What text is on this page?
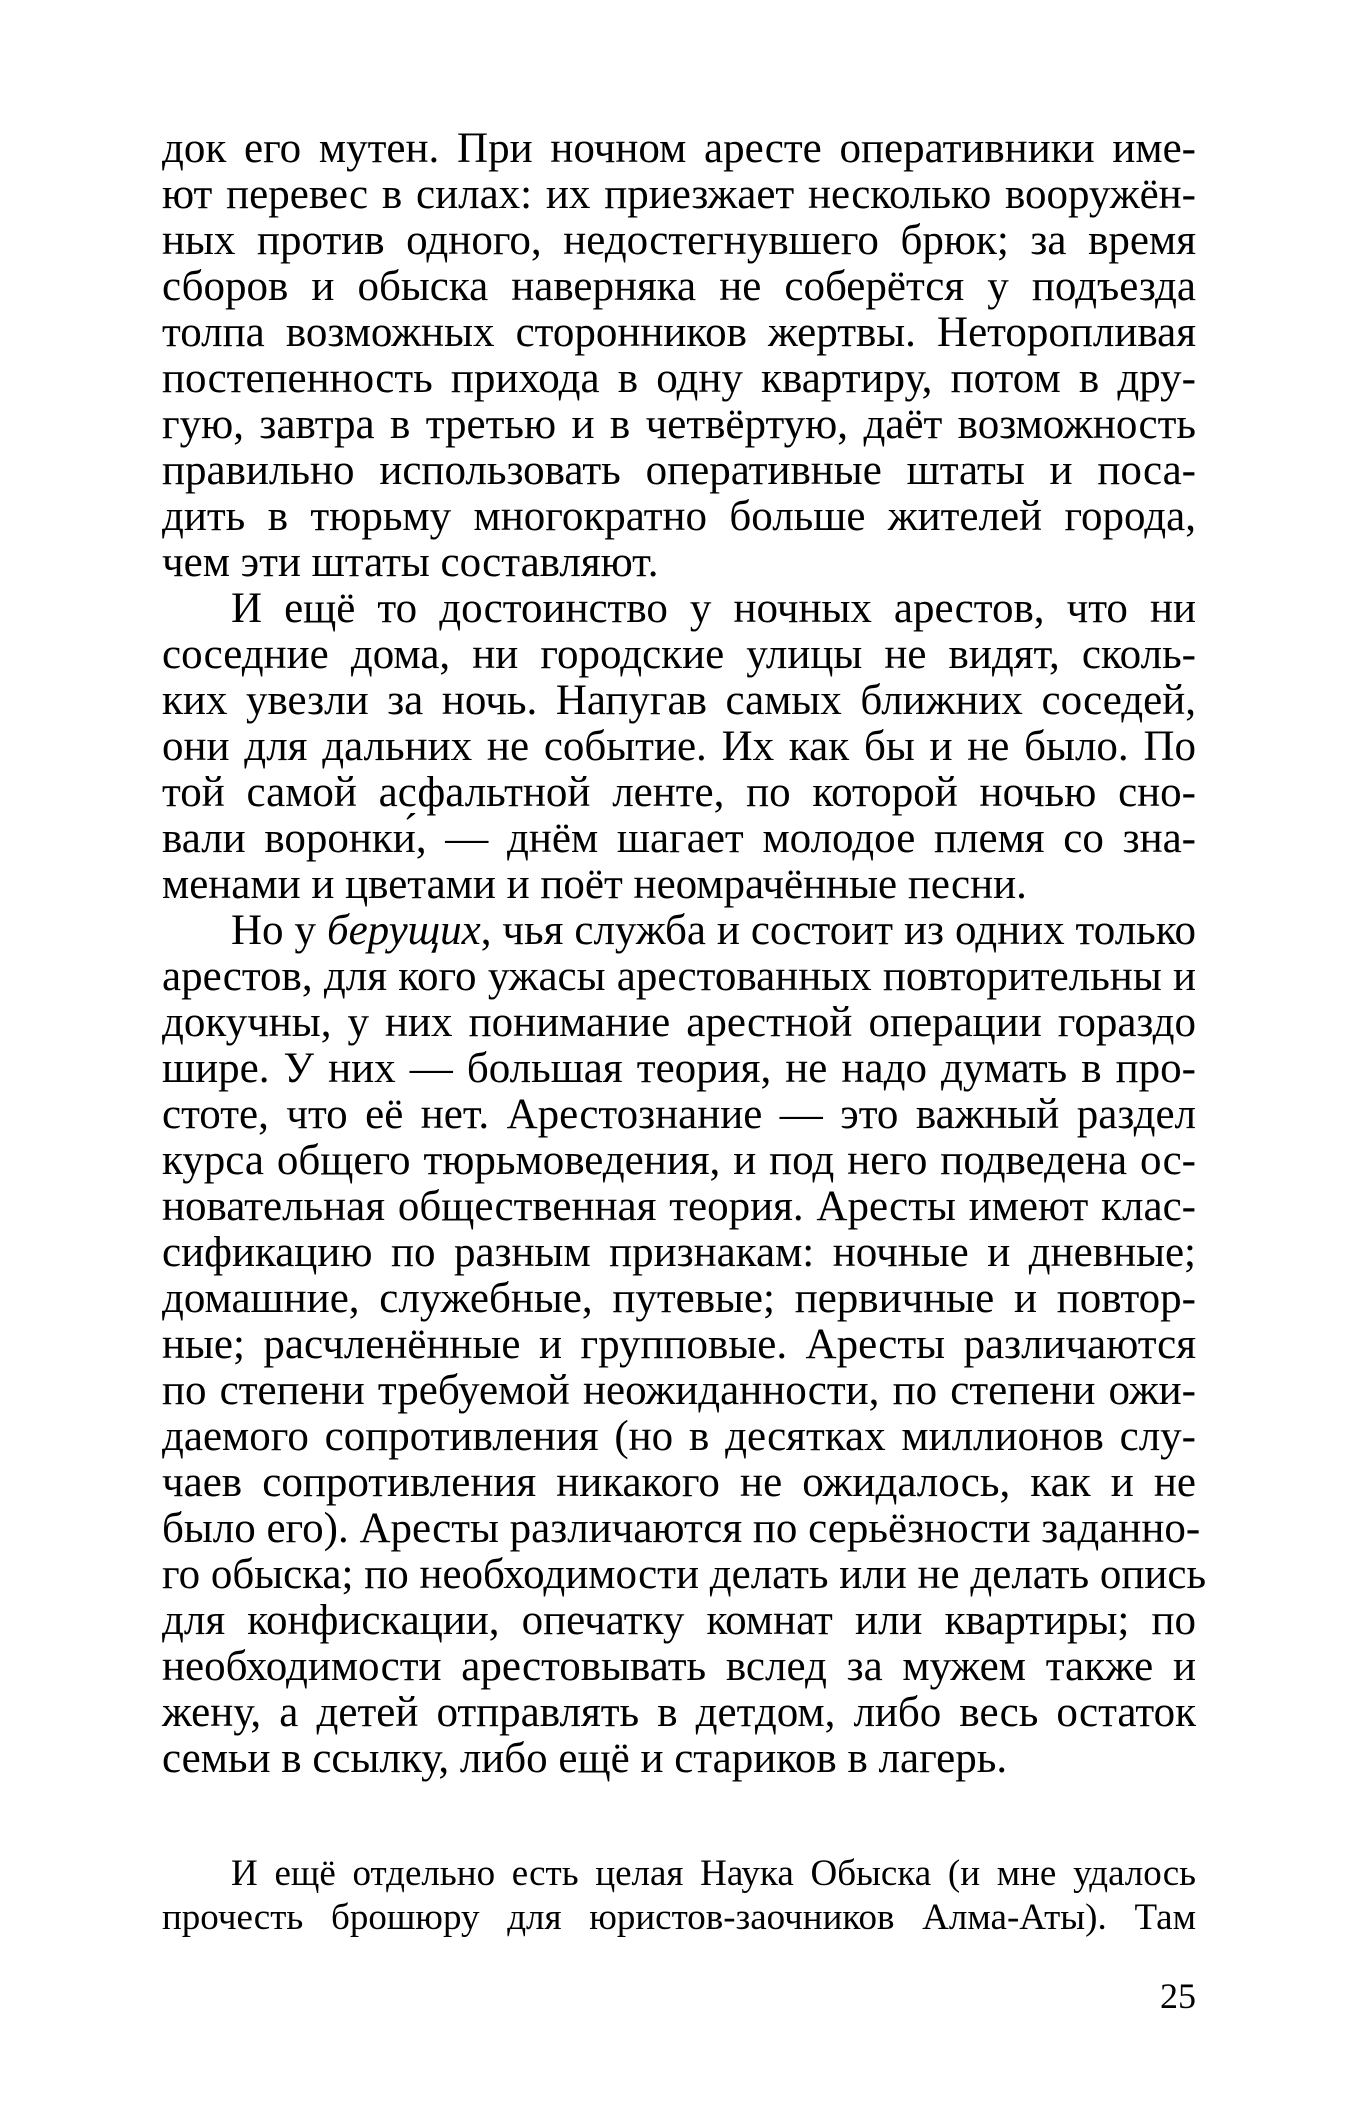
док его мутен. При ночном аресте оперативники име-
ют перевес в силах: их приезжает несколько вооружён-
ных против одного, недостегнувшего брюк; за время
сборов и обыска наверняка не соберётся у подъезда
толпа возможных сторонников жертвы. Неторопливая
постепенность прихода в одну квартиру, потом в дру-
гую, завтра в третью и в четвёртую, даёт возможность
правильно использовать оперативные штаты и поса-
дить в тюрьму многократно больше жителей города,
чем эти штаты составляют.
И ещё то достоинство у ночных арестов, что ни
соседние дома, ни городские улицы не видят, сколь-
ких увезли за ночь. Напугав самых ближних соседей,
они для дальних не событие. Их как бы и не было. По
той самой асфальтной ленте, по которой ночью сно-
вали воронки́, — днём шагает молодое племя со зна-
менами и цветами и поёт неомрачённые песни.
Но у берущих, чья служба и состоит из одних только
арестов, для кого ужасы арестованных повторительны и
докучны, у них понимание арестной операции гораздо
шире. У них — большая теория, не надо думать в про-
стоте, что её нет. Арестознание — это важный раздел
курса общего тюрьмоведения, и под него подведена ос-
новательная общественная теория. Аресты имеют клас-
сификацию по разным признакам: ночные и дневные;
домашние, служебные, путевые; первичные и повтор-
ные; расчленённые и групповые. Аресты различаются
по степени требуемой неожиданности, по степени ожи-
даемого сопротивления (но в десятках миллионов слу-
чаев сопротивления никакого не ожидалось, как и не
было его). Аресты различаются по серьёзности заданно-
го обыска; по необходимости делать или не делать опись
для конфискации, опечатку комнат или квартиры; по
необходимости арестовывать вслед за мужем также и
жену, а детей отправлять в детдом, либо весь остаток
семьи в ссылку, либо ещё и стариков в лагерь.
И ещё отдельно есть целая Наука Обыска (и мне удалось
прочесть брошюру для юристов-заочников Алма-Аты). Там
25
